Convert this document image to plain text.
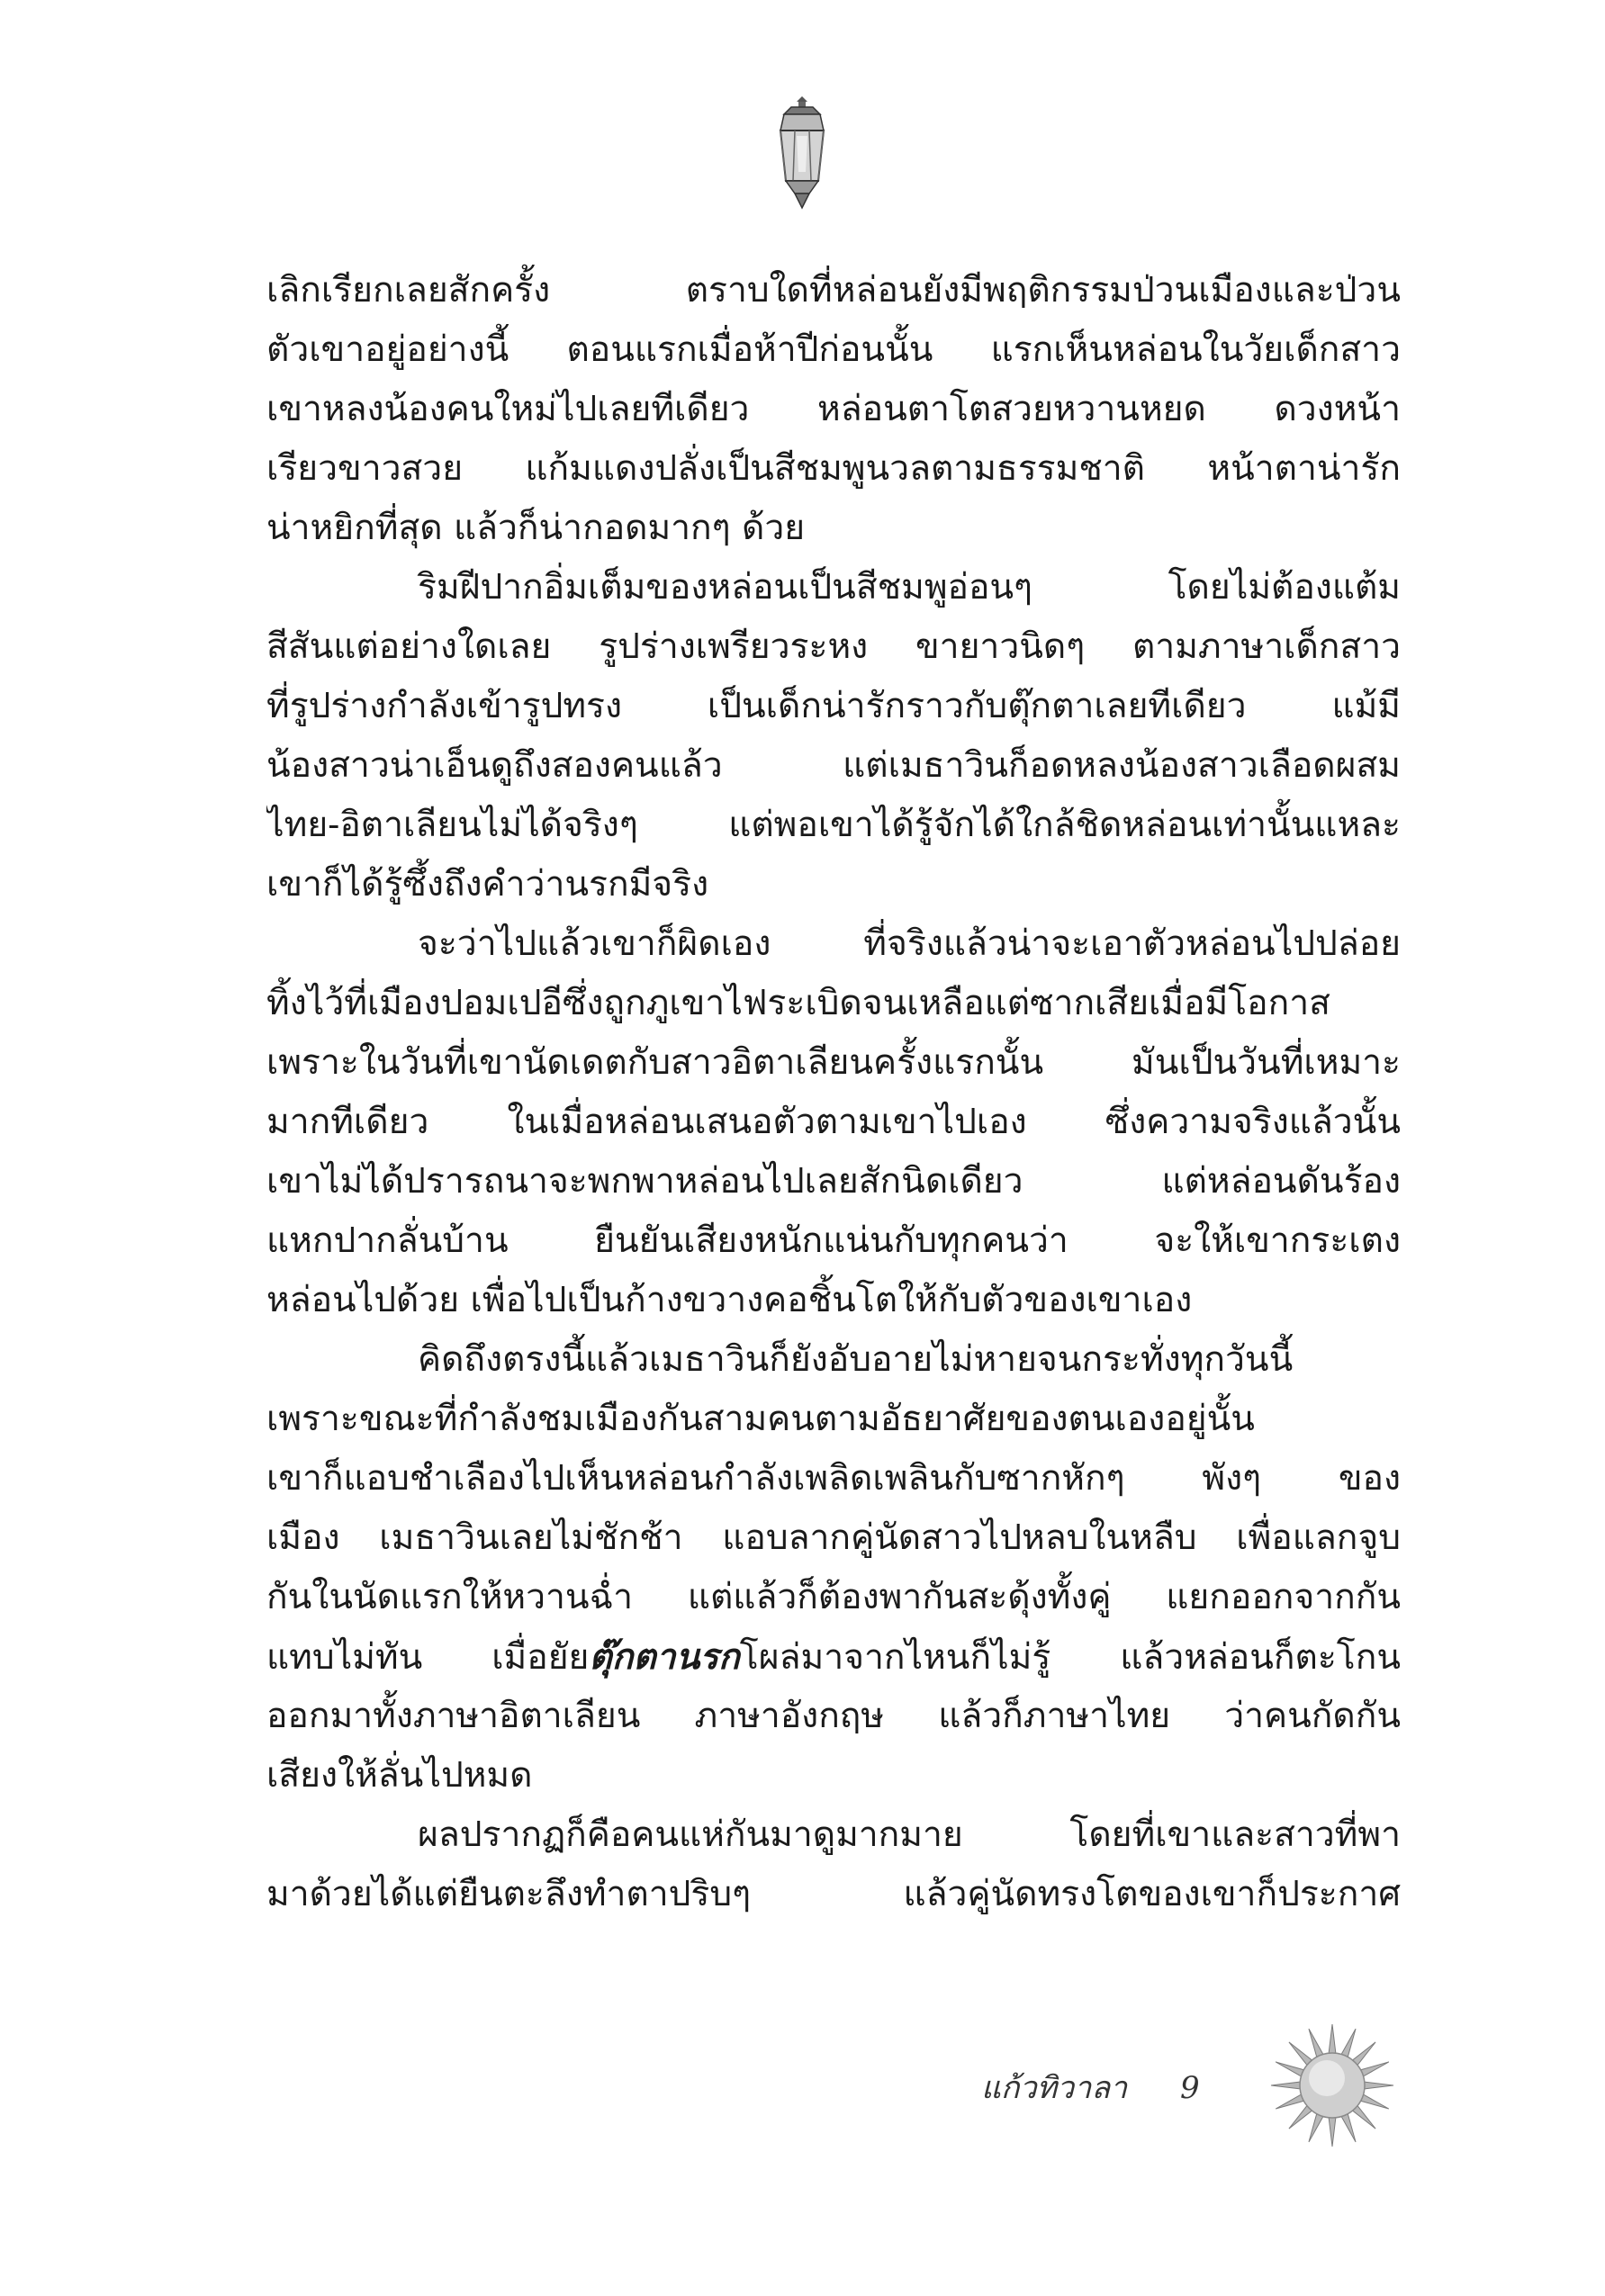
เลิกเรียกเลยสักครั้ง ตราบใดที่หล่อนยังมีพฤติกรรมป่วนเมืองและป่วน
ตัวเขาอยู่อย่างนี้ ตอนแรกเมื่อห้าปีก่อนนั้น แรกเห็นหล่อนในวัยเด็กสาว
เขาหลงน้องคนใหม่ไปเลยทีเดียว หล่อนตาโตสวยหวานหยด ดวงหน้า
เรียวขาวสวย แก้มแดงปลั่งเป็นสีชมพูนวลตามธรรมชาติ หน้าตาน่ารัก
น่าหยิกที่สุด แล้วก็น่ากอดมากๆ ด้วย
ริมฝีปากอิ่มเต็มของหล่อนเป็นสีชมพูอ่อนๆ โดยไม่ต้องแต้ม
สีสันแต่อย่างใดเลย รูปร่างเพรียวระหง ขายาวนิดๆ ตามภาษาเด็กสาว
ที่รูปร่างกำลังเข้ารูปทรง เป็นเด็กน่ารักราวกับตุ๊กตาเลยทีเดียว แม้มี
น้องสาวน่าเอ็นดูถึงสองคนแล้ว แต่เมธาวินก็อดหลงน้องสาวเลือดผสม
ไทย-อิตาเลียนไม่ได้จริงๆ แต่พอเขาได้รู้จักได้ใกล้ชิดหล่อนเท่านั้นแหละ
เขาก็ได้รู้ซึ้งถึงคำว่านรกมีจริง
จะว่าไปแล้วเขาก็ผิดเอง ที่จริงแล้วน่าจะเอาตัวหล่อนไปปล่อย
ทิ้งไว้ที่เมืองปอมเปอีซึ่งถูกภูเขาไฟระเบิดจนเหลือแต่ซากเสียเมื่อมีโอกาส
เพราะในวันที่เขานัดเดตกับสาวอิตาเลียนครั้งแรกนั้น มันเป็นวันที่เหมาะ
มากทีเดียว ในเมื่อหล่อนเสนอตัวตามเขาไปเอง ซึ่งความจริงแล้วนั้น
เขาไม่ได้ปรารถนาจะพกพาหล่อนไปเลยสักนิดเดียว แต่หล่อนดันร้อง
แหกปากลั่นบ้าน ยืนยันเสียงหนักแน่นกับทุกคนว่า จะให้เขากระเตง
หล่อนไปด้วย เพื่อไปเป็นก้างขวางคอชิ้นโตให้กับตัวของเขาเอง
คิดถึงตรงนี้แล้วเมธาวินก็ยังอับอายไม่หายจนกระทั่งทุกวันนี้
เพราะขณะที่กำลังชมเมืองกันสามคนตามอัธยาศัยของตนเองอยู่นั้น
เขาก็แอบชำเลืองไปเห็นหล่อนกำลังเพลิดเพลินกับซากหักๆ พังๆ ของ
เมือง เมธาวินเลยไม่ชักช้า แอบลากคู่นัดสาวไปหลบในหลืบ เพื่อแลกจูบ
กันในนัดแรกให้หวานฉ่ำ แต่แล้วก็ต้องพากันสะดุ้งทั้งคู่ แยกออกจากกัน
แทบไม่ทัน เมื่อยัยตุ๊กตานรกโผล่มาจากไหนก็ไม่รู้ แล้วหล่อนก็ตะโกน
ออกมาทั้งภาษาอิตาเลียน ภาษาอังกฤษ แล้วก็ภาษาไทย ว่าคนกัดกัน
เสียงให้ลั่นไปหมด
ผลปรากฏก็คือคนแห่กันมาดูมากมาย โดยที่เขาและสาวที่พา
มาด้วยได้แต่ยืนตะลึงทำตาปริบๆ แล้วคู่นัดทรงโตของเขาก็ประกาศ
แก้วทิวาลา 9
